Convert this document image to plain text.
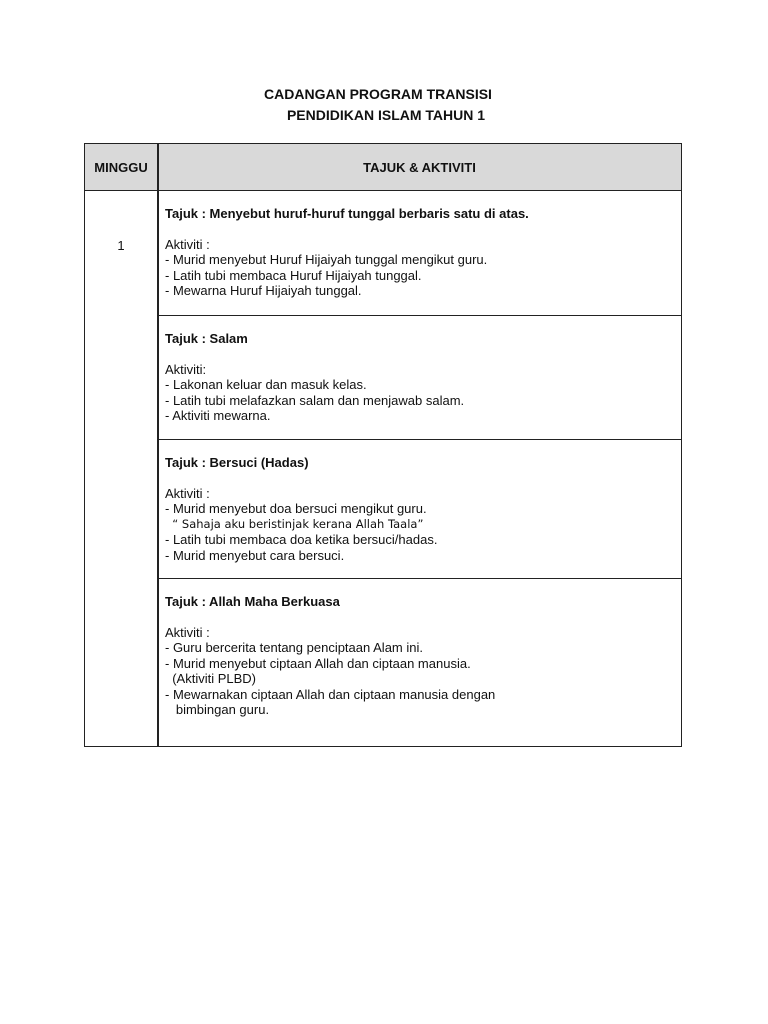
CADANGAN PROGRAM TRANSISI
PENDIDIKAN ISLAM TAHUN 1
MINGGU	TAJUK & AKTIVITI
1
Tajuk : Menyebut huruf-huruf tunggal berbaris satu di atas.
Aktiviti :
- Murid menyebut Huruf Hijaiyah tunggal mengikut guru.
- Latih tubi membaca Huruf Hijaiyah tunggal.
- Mewarna Huruf Hijaiyah tunggal.
Tajuk : Salam
Aktiviti:
- Lakonan keluar dan masuk kelas.
- Latih tubi melafazkan salam dan menjawab salam.
- Aktiviti mewarna.
Tajuk : Bersuci (Hadas)
Aktiviti :
- Murid menyebut doa bersuci mengikut guru.
“ Sahaja aku beristinjak kerana Allah Taala”
- Latih tubi membaca doa ketika bersuci/hadas.
- Murid menyebut cara bersuci.
Tajuk : Allah Maha Berkuasa
Aktiviti :
- Guru bercerita tentang penciptaan Alam ini.
- Murid menyebut ciptaan Allah dan ciptaan manusia.
(Aktiviti PLBD)
- Mewarnakan ciptaan Allah dan ciptaan manusia dengan
bimbingan guru.
